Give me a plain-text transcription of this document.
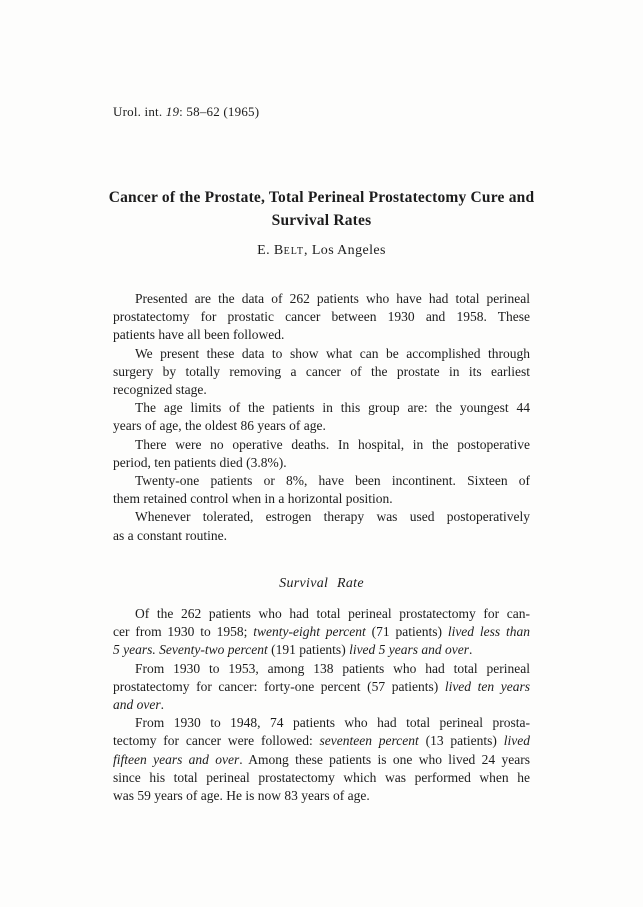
Urol. int. 19: 58–62 (1965)
Cancer of the Prostate, Total Perineal Prostatectomy Cure and
Survival Rates
E. Belt, Los Angeles
Presented are the data of 262 patients who have had total perineal
prostatectomy for prostatic cancer between 1930 and 1958. These
patients have all been followed.
We present these data to show what can be accomplished through
surgery by totally removing a cancer of the prostate in its earliest
recognized stage.
The age limits of the patients in this group are: the youngest 44
years of age, the oldest 86 years of age.
There were no operative deaths. In hospital, in the postoperative
period, ten patients died (3.8%).
Twenty-one patients or 8%, have been incontinent. Sixteen of
them retained control when in a horizontal position.
Whenever tolerated, estrogen therapy was used postoperatively
as a constant routine.
Survival Rate
Of the 262 patients who had total perineal prostatectomy for can-
cer from 1930 to 1958; twenty-eight percent (71 patients) lived less than
5 years. Seventy-two percent (191 patients) lived 5 years and over.
From 1930 to 1953, among 138 patients who had total perineal
prostatectomy for cancer: forty-one percent (57 patients) lived ten years
and over.
From 1930 to 1948, 74 patients who had total perineal prosta-
tectomy for cancer were followed: seventeen percent (13 patients) lived
fifteen years and over. Among these patients is one who lived 24 years
since his total perineal prostatectomy which was performed when he
was 59 years of age. He is now 83 years of age.
